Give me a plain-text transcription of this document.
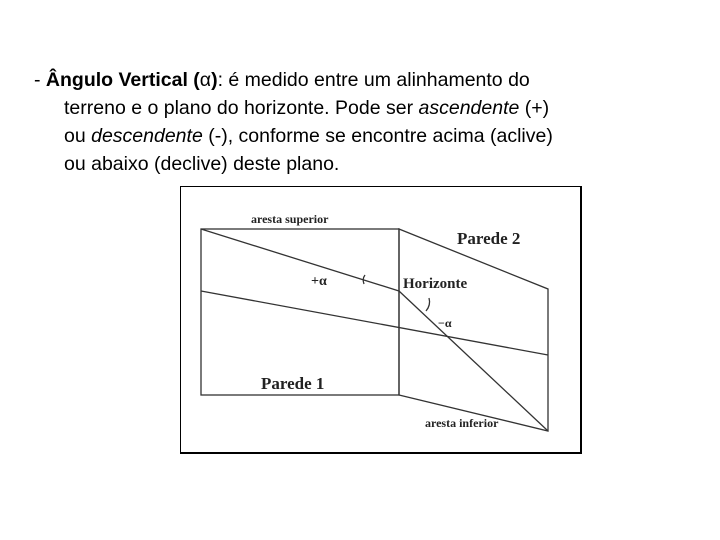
- Ângulo Vertical (α): é medido entre um alinhamento do
terreno e o plano do horizonte. Pode ser ascendente (+)
ou descendente (-), conforme se encontre acima (aclive)
ou abaixo (declive) deste plano.
aresta superior
Parede 2
+α	Horizonte
−α
Parede 1
aresta inferior
